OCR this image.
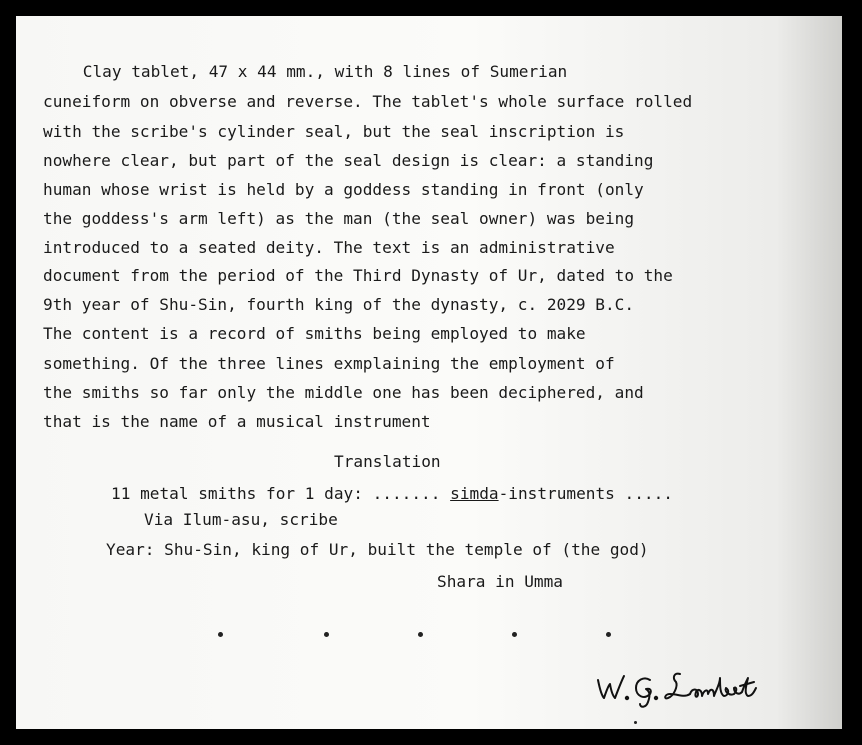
Clay tablet, 47 x 44 mm., with 8 lines of Sumerian
cuneiform on obverse and reverse. The tablet's whole surface rolled
with the scribe's cylinder seal, but the seal inscription is
nowhere clear, but part of the seal design is clear: a standing
human whose wrist is held by a goddess standing in front (only
the goddess's arm left) as the man (the seal owner) was being
introduced to a seated deity. The text is an administrative
document from the period of the Third Dynasty of Ur, dated to the
9th year of Shu-Sin, fourth king of the dynasty, c. 2029 B.C.
The content is a record of smiths being employed to make
something. Of the three lines exmplaining the employment of
the smiths so far only the middle one has been deciphered, and
that is the name of a musical instrument
Translation
11 metal smiths for 1 day: ....... simda-instruments .....
Via Ilum-asu, scribe
Year: Shu-Sin, king of Ur, built the temple of (the god)
Shara in Umma
